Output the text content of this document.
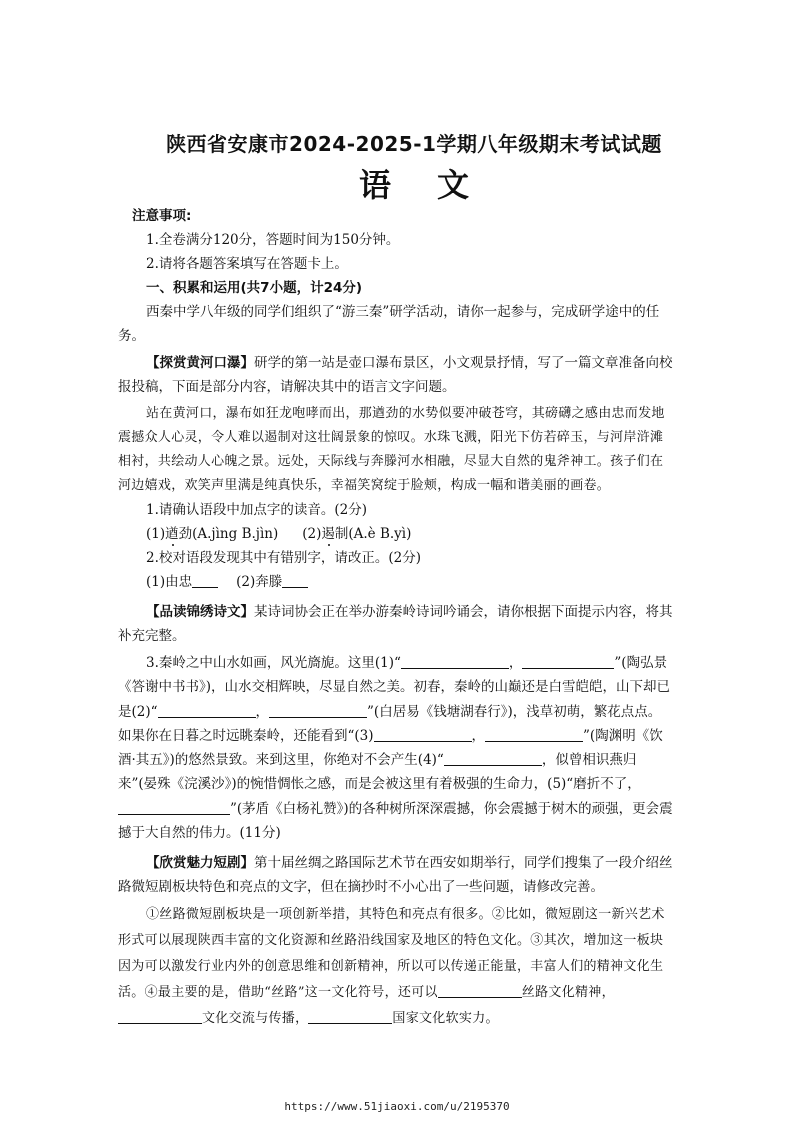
陕西省安康市2024-2025-1学期八年级期末考试试题
语 文

注意事项:

1.全卷满分120分，答题时间为150分钟。

2.请将各题答案填写在答题卡上。

一、积累和运用(共7小题，计24分)

西秦中学八年级的同学们组织了“游三秦”研学活动，请你一起参与，完成研学途中的任务。

【探赏黄河口瀑】研学的第一站是壶口瀑布景区，小文观景抒情，写了一篇文章准备向校报投稿，下面是部分内容，请解决其中的语言文字问题。

站在黄河口，瀑布如狂龙咆哮而出，那遒劲的水势似要冲破苍穹，其磅礴之感由忠而发地震撼众人心灵，令人难以遏制对这壮阔景象的惊叹。水珠飞溅，阳光下仿若碎玉，与河岸浒滩相衬，共绘动人心魄之景。远处，天际线与奔滕河水相融，尽显大自然的鬼斧神工。孩子们在河边嬉戏，欢笑声里满是纯真快乐，幸福笑窝绽于脸颊，构成一幅和谐美丽的画卷。

1.请确认语段中加点字的读音。(2分)

(1)遒劲(A.jìng B.jìn) (2)遏制(A.è B.yì)

2.校对语段发现其中有错别字，请改正。(2分)

(1)由忠	(2)奔滕

【品读锦绣诗文】某诗词协会正在举办游秦岭诗词吟诵会，请你根据下面提示内容，将其补充完整。

3.秦岭之中山水如画，风光旖旎。这里(1)“	，	”(陶弘景《答谢中书书》)，山水交相辉映，尽显自然之美。初春，秦岭的山巅还是白雪皑皑，山下却已是(2)“	，	”(白居易《钱塘湖春行》)，浅草初萌，繁花点点。如果你在日暮之时远眺秦岭，还能看到“(3)	，	”(陶渊明《饮酒·其五》)的悠然景致。来到这里，你绝对不会产生(4)“	，似曾相识燕归来”(晏殊《浣溪沙》)的惋惜惆怅之感，而是会被这里有着极强的生命力，(5)“磨折不了，”(茅盾《白杨礼赞》)的各种树所深深震撼，你会震撼于树木的顽强，更会震撼于大自然的伟力。(11分)

【欣赏魅力短剧】第十届丝绸之路国际艺术节在西安如期举行，同学们搜集了一段介绍丝路微短剧板块特色和亮点的文字，但在摘抄时不小心出了一些问题，请修改完善。

①丝路微短剧板块是一项创新举措，其特色和亮点有很多。②比如，微短剧这一新兴艺术形式可以展现陕西丰富的文化资源和丝路沿线国家及地区的特色文化。③其次，增加这一板块因为可以激发行业内外的创意思维和创新精神，所以可以传递正能量，丰富人们的精神文化生活。④最主要的是，借助“丝路”这一文化符号，还可以	丝路文化精神，文化交流与传播，	国家文化软实力。

https://www.51jiaoxi.com/u/2195370
